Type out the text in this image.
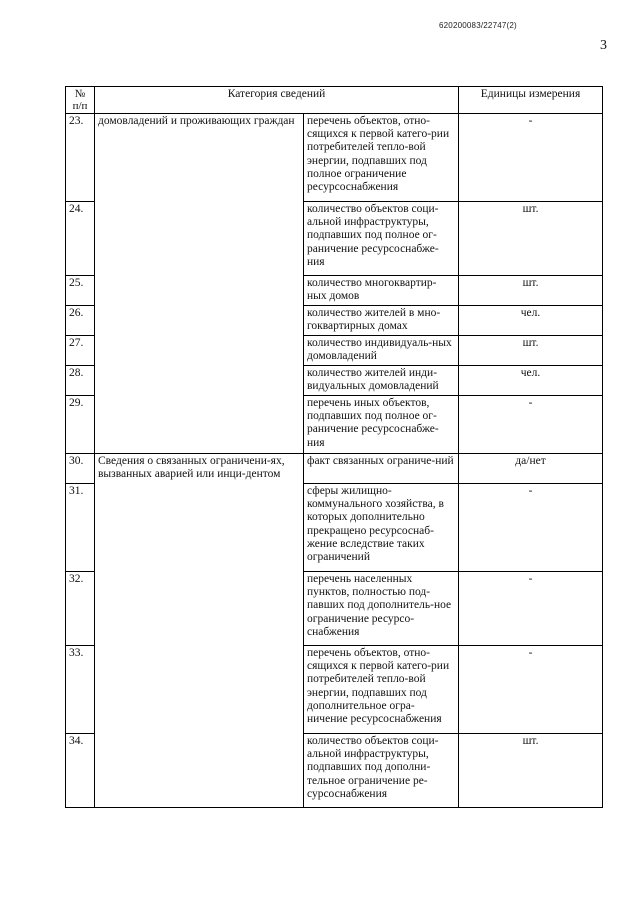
620200083/22747(2)
3
№ п/п	Категория сведений		Единицы измерения
23.	домовладений и проживающих граждан	перечень объектов, отно-сящихся к первой катего-рии потребителей тепло-вой энергии, подпавших под полное ограничение ресурсоснабжения	-
24.		количество объектов соци-альной инфраструктуры, подпавших под полное ог-раничение ресурсоснабже-ния	шт.
25.		количество многоквартир-ных домов	шт.
26.		количество жителей в мно-гоквартирных домах	чел.
27.		количество индивидуаль-ных домовладений	шт.
28.		количество жителей инди-видуальных домовладений	чел.
29.		перечень иных объектов, подпавших под полное ог-раничение ресурсоснабже-ния	-
30.	Сведения о связанных ограничени-ях, вызванных аварией или инци-дентом	факт связанных ограниче-ний	да/нет
31.		сферы жилищно-коммунального хозяйства, в которых дополнительно прекращено ресурсоснаб-жение вследствие таких ограничений	-
32.		перечень населенных пунктов, полностью под-павших под дополнитель-ное ограничение ресурсо-снабжения	-
33.		перечень объектов, отно-сящихся к первой катего-рии потребителей тепло-вой энергии, подпавших под дополнительное огра-ничение ресурсоснабжения	-
34.		количество объектов соци-альной инфраструктуры, подпавших под дополни-тельное ограничение ре-сурсоснабжения	шт.
